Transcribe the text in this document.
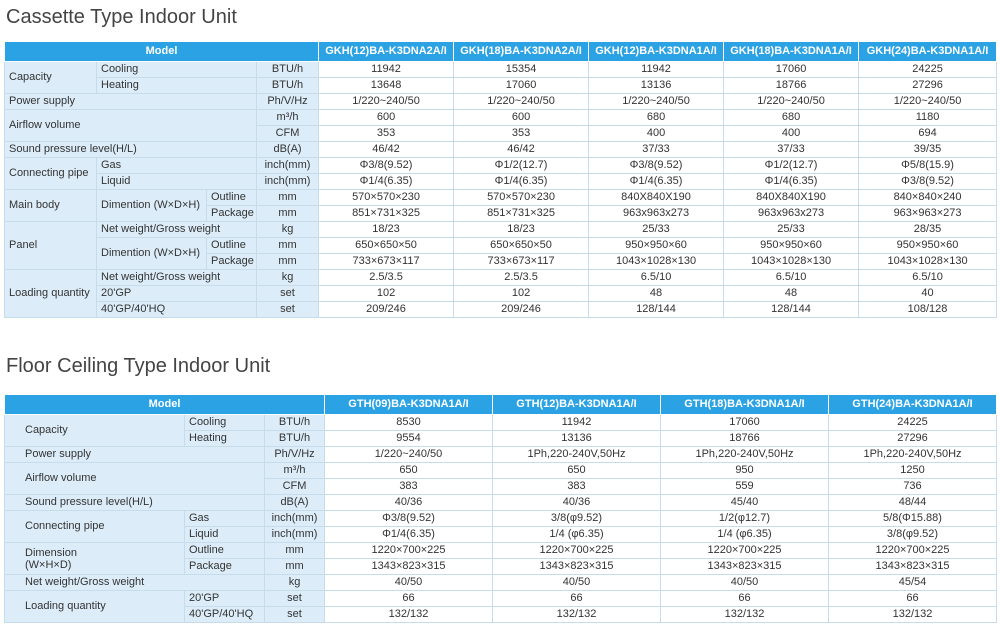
Cassette Type Indoor Unit
Model				GKH(12)BA-K3DNA2A/I	GKH(18)BA-K3DNA2A/I	GKH(12)BA-K3DNA1A/I	GKH(18)BA-K3DNA1A/I	GKH(24)BA-K3DNA1A/I
Capacity	Cooling		BTU/h	11942	15354	11942	17060	24225
	Heating		BTU/h	13648	17060	13136	18766	27296
Power supply			Ph/V/Hz	1/220~240/50	1/220~240/50	1/220~240/50	1/220~240/50	1/220~240/50
Airflow volume			m³/h	600	600	680	680	1180
			CFM	353	353	400	400	694
Sound pressure level(H/L)			dB(A)	46/42	46/42	37/33	37/33	39/35
Connecting pipe	Gas		inch(mm)	Φ3/8(9.52)	Φ1/2(12.7)	Φ3/8(9.52)	Φ1/2(12.7)	Φ5/8(15.9)
	Liquid		inch(mm)	Φ1/4(6.35)	Φ1/4(6.35)	Φ1/4(6.35)	Φ1/4(6.35)	Φ3/8(9.52)
Main body	Dimention (W×D×H)	Outline	mm	570×570×230	570×570×230	840X840X190	840X840X190	840×840×240
		Package	mm	851×731×325	851×731×325	963x963x273	963x963x273	963×963×273
Panel	Net weight/Gross weight		kg	18/23	18/23	25/33	25/33	28/35
	Dimention (W×D×H)	Outline	mm	650×650×50	650×650×50	950×950×60	950×950×60	950×950×60
		Package	mm	733×673×117	733×673×117	1043×1028×130	1043×1028×130	1043×1028×130
Loading quantity	Net weight/Gross weight		kg	2.5/3.5	2.5/3.5	6.5/10	6.5/10	6.5/10
	20'GP		set	102	102	48	48	40
	40'GP/40'HQ		set	209/246	209/246	128/144	128/144	108/128
Floor Ceiling Type Indoor Unit
Model			GTH(09)BA-K3DNA1A/I	GTH(12)BA-K3DNA1A/I	GTH(18)BA-K3DNA1A/I	GTH(24)BA-K3DNA1A/I
Capacity	Cooling	BTU/h	8530	11942	17060	24225
	Heating	BTU/h	9554	13136	18766	27296
Power supply		Ph/V/Hz	1/220~240/50	1Ph,220-240V,50Hz	1Ph,220-240V,50Hz	1Ph,220-240V,50Hz
Airflow volume		m³/h	650	650	950	1250
		CFM	383	383	559	736
Sound pressure level(H/L)		dB(A)	40/36	40/36	45/40	48/44
Connecting pipe	Gas	inch(mm)	Φ3/8(9.52)	3/8(φ9.52)	1/2(φ12.7)	5/8(Φ15.88)
	Liquid	inch(mm)	Φ1/4(6.35)	1/4 (φ6.35)	1/4 (φ6.35)	3/8(φ9.52)
Dimension
(W×H×D)	Outline	mm	1220×700×225	1220×700×225	1220×700×225	1220×700×225
	Package	mm	1343×823×315	1343×823×315	1343×823×315	1343×823×315
Net weight/Gross weight		kg	40/50	40/50	40/50	45/54
Loading quantity	20'GP	set	66	66	66	66
	40'GP/40'HQ	set	132/132	132/132	132/132	132/132
